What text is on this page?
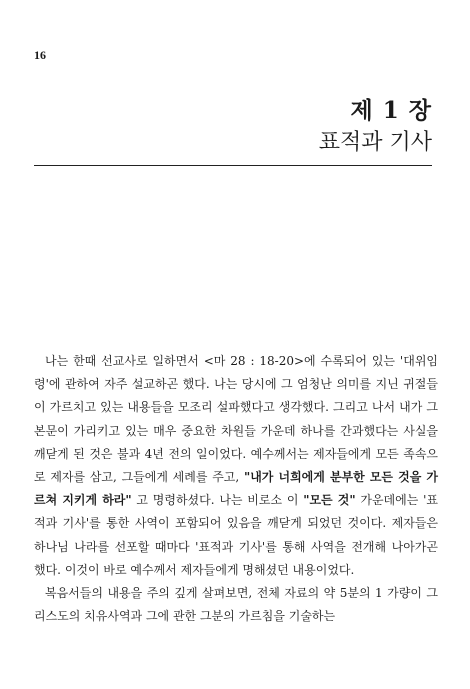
16
제 1 장
표적과 기사

나는 한때 선교사로 일하면서 <마 28 : 18-20>에 수록되어 있는 '대위임령'에 관하여 자주 설교하곤 했다. 나는 당시에 그 엄청난 의미를 지닌 귀절들이 가르치고 있는 내용들을 모조리 설파했다고 생각했다. 그리고 나서 내가 그 본문이 가리키고 있는 매우 중요한 차원들 가운데 하나를 간과했다는 사실을 깨닫게 된 것은 불과 4년 전의 일이었다. 예수께서는 제자들에게 모든 족속으로 제자를 삼고, 그들에게 세례를 주고, "내가 너희에게 분부한 모든 것을 가르쳐 지키게 하라" 고 명령하셨다. 나는 비로소 이 "모든 것" 가운데에는 '표적과 기사'를 통한 사역이 포함되어 있음을 깨닫게 되었던 것이다. 제자들은 하나님 나라를 선포할 때마다 '표적과 기사'를 통해 사역을 전개해 나아가곤 했다. 이것이 바로 예수께서 제자들에게 명해셨던 내용이었다.

복음서들의 내용을 주의 깊게 살펴보면, 전체 자료의 약 5분의 1 가량이 그리스도의 치유사역과 그에 관한 그분의 가르침을 기술하는
